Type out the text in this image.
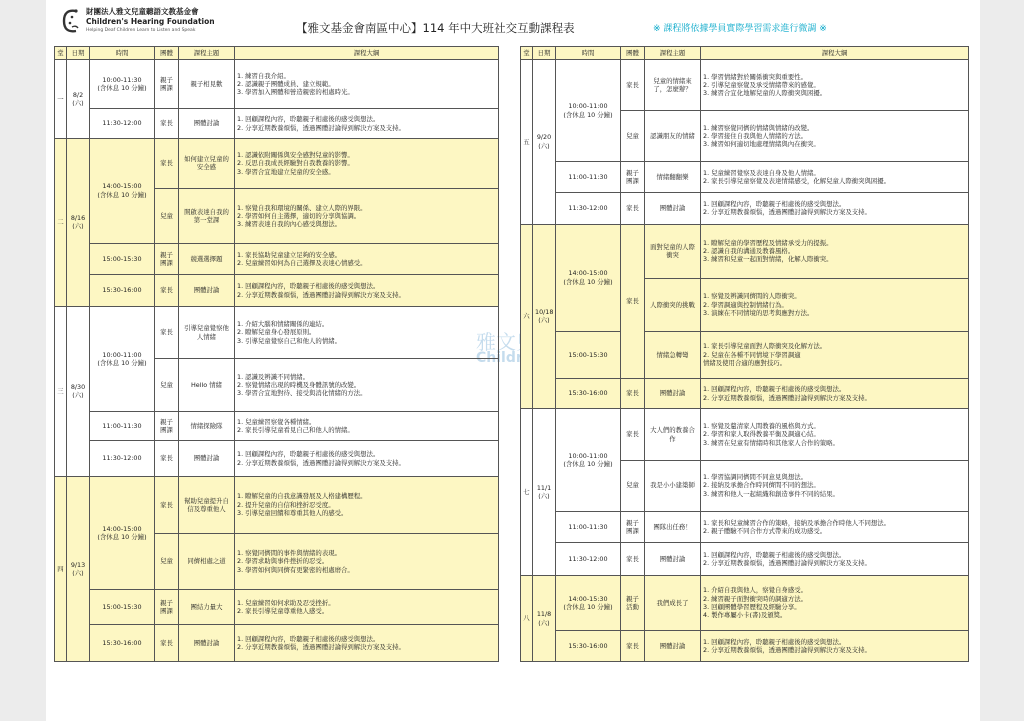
財團法人雅文兒童聽語文教基金會
Children's Hearing Foundation
Helping Deaf Children Learn to Listen and Speak	【雅文基金會南區中心】114 年中大班社交互動課程表	※ 課程將依據學員實際學習需求進行微調 ※
雅文兒童
Children's
堂	日期	時間	團體	課程主題	課程大綱
一	8/2
(六)	10:00-11:30
(含休息 10 分鐘)	親子團課	親子相見歡	1. 練習自我介紹。
2. 認識親子團體成員、建立規範。
3. 學習加入團體和營造親密的相處時光。

		11:30-12:00	家長	團體討論	1. 回顧課程內容，聆聽親子相處後的感受與想法。
2. 分享近期教養煩惱，透過團體討論得到解決方案及支持。

二	8/16
(六)	14:00-15:00
(含休息 10 分鐘)	家長	如何建立兒童的安全感	1. 認識依附關係與安全感對兒童的影響。
2. 反思自我成長經驗對自我教養的影響。
3. 學習合宜地建立兒童的安全感。

			兒童	開啟表達自我的第一堂課	1. 察覺自我和環境的關係、建立人際的界限。
2. 學習如何自主選擇，適切的分享與協調。
3. 練習表達自我的內心感受與想法。

		15:00-15:30	親子團課	競選選擇題	1. 家長協助兒童建立足夠的安全感。
2. 兒童練習如何為自己選擇及表達心情感受。

		15:30-16:00	家長	團體討論	1. 回顧課程內容，聆聽親子相處後的感受與想法。
2. 分享近期教養煩惱，透過團體討論得到解決方案及支持。

三	8/30
(六)	10:00-11:00
(含休息 10 分鐘)	家長	引導兒童覺察他人情緒	1. 介紹大腦和情緒關係的連結。
2. 瞭解兒童身心發展原則。
3. 引導兒童覺察自己和他人的情緒。

			兒童	Hello 情緒	1. 認識及辨識不同情緒。
2. 察覺情緒出現的時機及身體訊號的改變。
3. 學習合宜地對待、接受與消化情緒的方法。

		11:00-11:30	親子團課	情緒探險隊	1. 兒童練習察覺各種情緒。
2. 家長引導兒童看見自己和他人的情緒。

		11:30-12:00	家長	團體討論	1. 回顧課程內容，聆聽親子相處後的感受與想法。
2. 分享近期教養煩惱，透過團體討論得到解決方案及支持。

四	9/13
(六)	14:00-15:00
(含休息 10 分鐘)	家長	幫助兒童提升自信及尊重他人	1. 瞭解兒童的自我意識發展及人格建構歷程。
2. 提升兒童的自信和挫折忍受度。
3. 引導兒童回饋和尊重其他人的感受。

			兒童	同儕相處之道	1. 察覺同儕間的事件與情緒的表現。
2. 學習求助與事件挫折的忍受。
3. 學習如何與同儕有更緊密的相處磨合。

		15:00-15:30	親子團課	團結力量大	1. 兒童練習如何求助及忍受挫折。
2. 家長引導兒童尊重他人感受。

		15:30-16:00	家長	團體討論	1. 回顧課程內容，聆聽親子相處後的感受與想法。
2. 分享近期教養煩惱，透過團體討論得到解決方案及支持。
堂	日期	時間	團體	課程主題	課程大綱
五	9/20
(六)	10:00-11:00
(含休息 10 分鐘)	家長	兒童的情緒來了，怎麼辦？	1. 學習情緒對於關係衝突與重要性。
2. 引導兒童察覺及承受情緒帶來的感覺。
3. 練習合宜化地解兒童的人際衝突與困擾。

			兒童	認識朋友的情緒	1. 練習察覺同儕的情緒與情緒的改變。
2. 學習接住自我與他人情緒的方法。
3. 練習如何適切地處理情緒與內在衝突。

		11:00-11:30	親子團課	情緒翻翻樂	1. 兒童練習覺察及表達自身及他人情緒。
2. 家長引導兒童察覺及表達情緒感受，化解兒童人際衝突與困擾。

		11:30-12:00	家長	團體討論	1. 回顧課程內容，聆聽親子相處後的感受與想法。
2. 分享近期教養煩惱，透過團體討論得到解決方案及支持。

六	10/18
(六)	14:00-15:00
(含休息 10 分鐘)	家長	面對兒童的人際衝突	1. 瞭解兒童的學習歷程及情緒承受力的提振。
2. 認識自我的溝通及教養風格。
3. 練習和兒童一起面對情緒，化解人際衝突。

				人際衝突的挑戰	1. 察覺及辨識同儕間的人際衝突。
2. 學習調適與控制情緒行為。
3. 演練在不同情境的思考與應對方法。

		15:00-15:30		情緒急轉彎	1. 家長引導兒童面對人際衝突及化解方法。
2. 兒童在各種不同情境下學習調適
情緒及使用合適的應對技巧。

		15:30-16:00	家長	團體討論	1. 回顧課程內容，聆聽親子相處後的感受與想法。
2. 分享近期教養煩惱，透過團體討論得到解決方案及支持。

七	11/1
(六)	10:00-11:00
(含休息 10 分鐘)	家長	大人們的教養合作	1. 察覺及釐清家人間教養的風格與方式。
2. 學習和家人取得教養平衡及調適心結。
3. 練習在兒童有情緒時和其他家人合作的策略。

			兒童	我是小小建築師	1. 學習協調同儕間不同意見與想法。
2. 接納及承擔合作時同儕間不同的想法。
3. 練習和他人一起組織和創造事件不同的結果。

		11:00-11:30	親子團課	團隊出任務！	1. 家長和兒童練習合作的策略，接納及承擔合作時他人不同想法。
2. 親子體驗不同合作方式帶來的成功感受。

		11:30-12:00	家長	團體討論	1. 回顧課程內容，聆聽親子相處後的感受與想法。
2. 分享近期教養煩惱，透過團體討論得到解決方案及支持。

八	11/8
(六)	14:00-15:30
(含休息 10 分鐘)	親子活動	我們成長了	1. 介紹自我與他人，察覺自身感受。
2. 練習親子面對衝突時的調適方法。
3. 回顧團體學習歷程及經驗分享。
4. 製作專屬小卡(書)及頒獎。

		15:30-16:00	家長	團體討論	1. 回顧課程內容，聆聽親子相處後的感受與想法。
2. 分享近期教養煩惱，透過團體討論得到解決方案及支持。
